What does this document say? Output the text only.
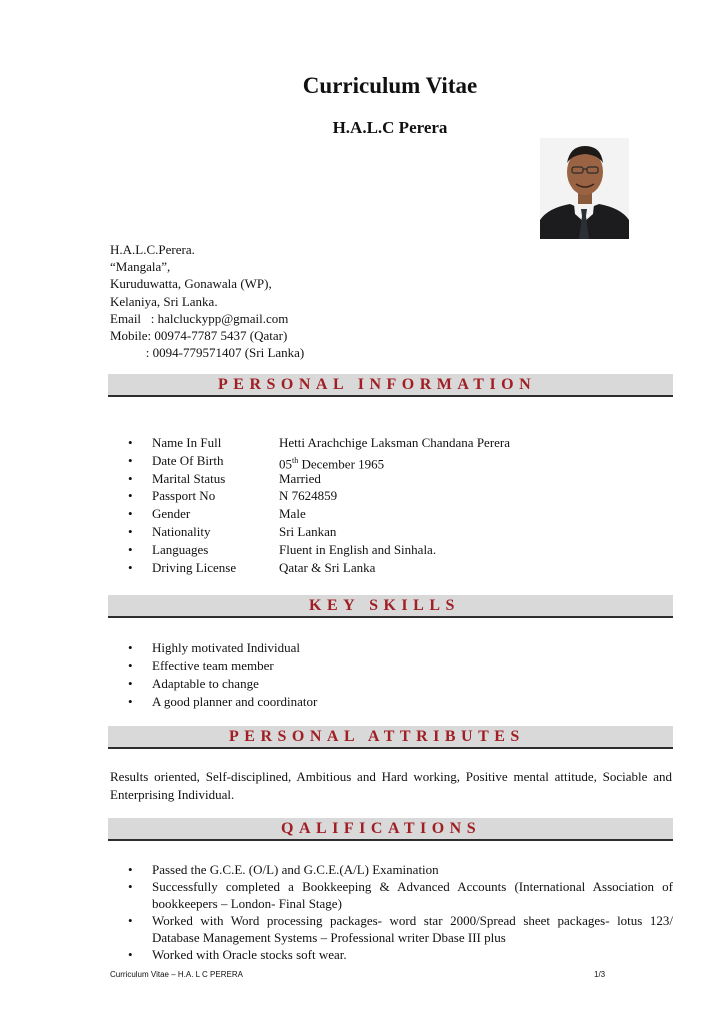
Curriculum Vitae
H.A.L.C Perera
H.A.L.C.Perera.
“Mangala”,
Kuruduwatta, Gonawala (WP),
Kelaniya, Sri Lanka.
Email   : halcluckypp@gmail.com
Mobile: 00974-7787 5437 (Qatar)
: 0094-779571407 (Sri Lanka)
PERSONAL INFORMATION
• Name In Full	Hetti Arachchige Laksman Chandana Perera
• Date Of Birth	05th December 1965
• Marital Status	Married
• Passport No	N 7624859
• Gender	Male
• Nationality	Sri Lankan
• Languages	Fluent in English and Sinhala.
• Driving License	Qatar & Sri Lanka
KEY SKILLS
• Highly motivated Individual
• Effective team member
• Adaptable to change
• A good planner and coordinator
PERSONAL ATTRIBUTES
Results oriented, Self-disciplined, Ambitious and Hard working, Positive mental attitude, Sociable and Enterprising Individual.
QALIFICATIONS
• Passed the G.C.E. (O/L) and G.C.E.(A/L) Examination
• Successfully completed a Bookkeeping & Advanced Accounts (International Association of bookkeepers – London- Final Stage)
• Worked with Word processing packages- word star 2000/Spread sheet packages- lotus 123/ Database Management Systems – Professional writer Dbase III plus
• Worked with Oracle stocks soft wear.
Curriculum Vitae – H.A. L C PERERA	1/3
